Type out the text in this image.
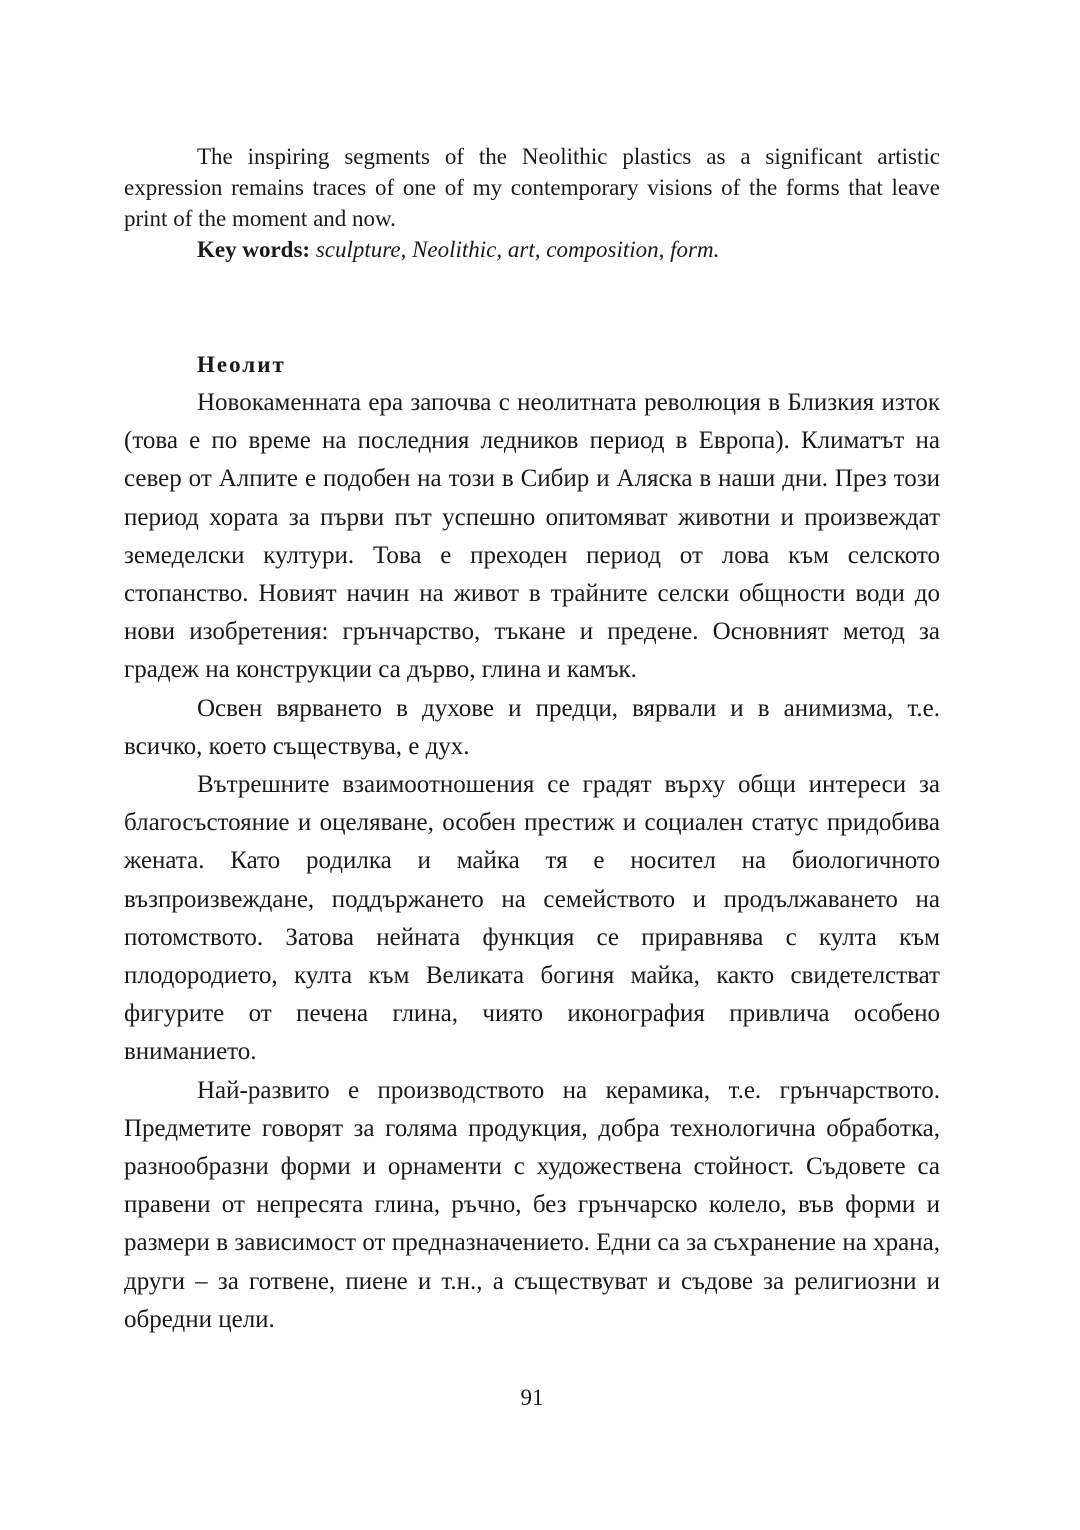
The inspiring segments of the Neolithic plastics as a significant artistic expression remains traces of one of my contemporary visions of the forms that leave print of the moment and now.

Key words: sculpture, Neolithic, art, composition, form.

Неолит

Новокаменната ера започва с неолитната революция в Близкия изток (това е по време на последния ледников период в Европа). Климатът на север от Алпите е подобен на този в Сибир и Аляска в наши дни. През този период хората за първи път успешно опитомяват животни и произвеждат земеделски култури. Това е преходен период от лова към селското стопанство. Новият начин на живот в трайните селски общности води до нови изобретения: грънчарство, тъкане и предене. Основният метод за градеж на конструкции са дърво, глина и камък.

Освен вярването в духове и предци, вярвали и в анимизма, т.е. всичко, което съществува, е дух.

Вътрешните взаимоотношения се градят върху общи интереси за благосъстояние и оцеляване, особен престиж и социален статус придобива жената. Като родилка и майка тя е носител на биологичното възпроизвеждане, поддържането на семейството и продължаването на потомството. Затова нейната функция се приравнява с култа към плодородието, култа към Великата богиня майка, както свидетелстват фигурите от печена глина, чиято иконография привлича особено вниманието.

Най-развито е производството на керамика, т.е. грънчарството. Предметите говорят за голяма продукция, добра технологична обработка, разнообразни форми и орнаменти с художествена стойност. Съдовете са правени от непресята глина, ръчно, без грънчарско колело, във форми и размери в зависимост от предназначението. Едни са за съхранение на храна, други – за готвене, пиене и т.н., а съществуват и съдове за религиозни и обредни цели.

91
